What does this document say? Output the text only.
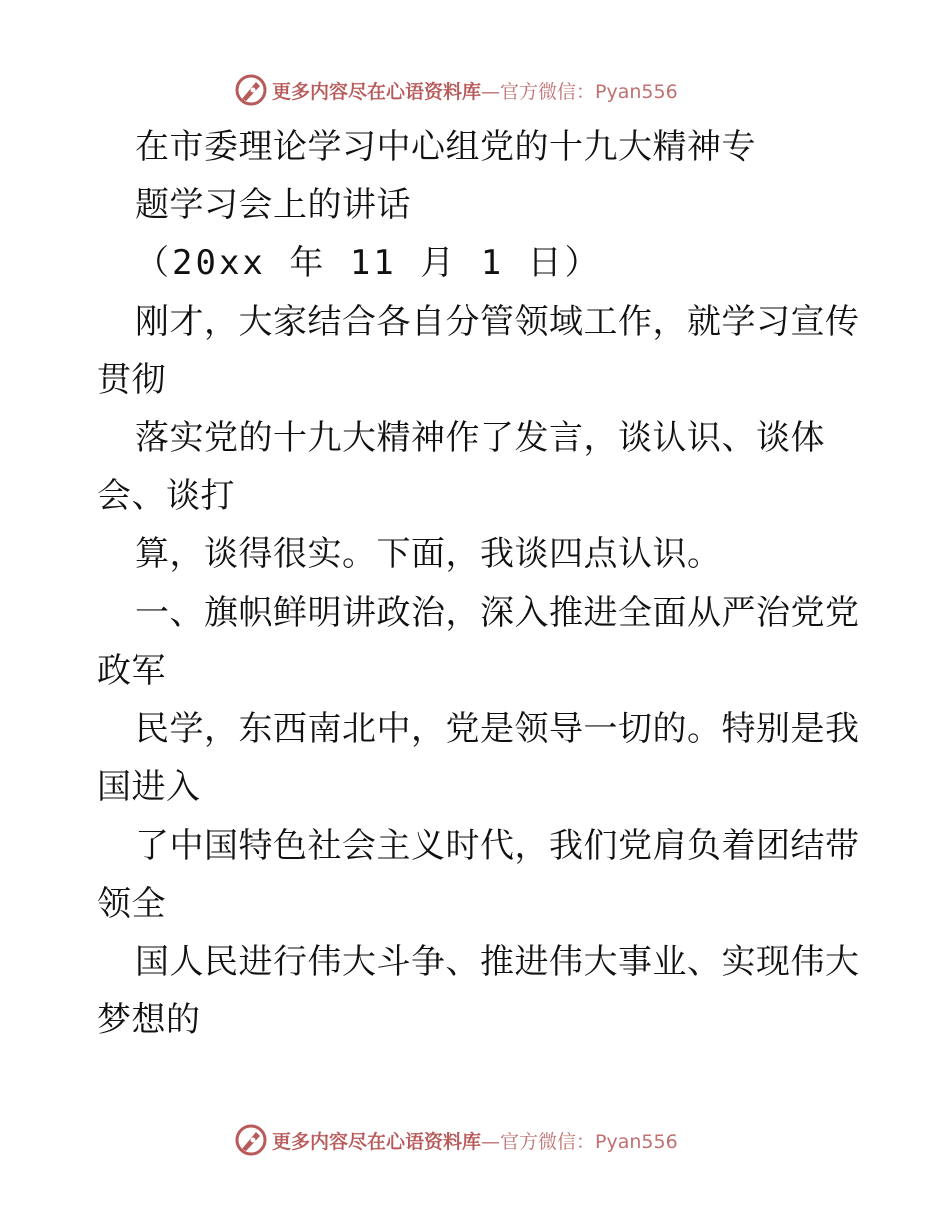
更多内容尽在心语资料库 —官方微信：Pyan556
在市委理论学习中心组党的十九大精神专
题学习会上的讲话
（20xx 年 11 月 1 日）
刚才，大家结合各自分管领域工作，就学习宣传
贯彻
落实党的十九大精神作了发言，谈认识、谈体
会、谈打
算，谈得很实。下面，我谈四点认识。
一、旗帜鲜明讲政治，深入推进全面从严治党党
政军
民学，东西南北中，党是领导一切的。特别是我
国进入
了中国特色社会主义时代，我们党肩负着团结带
领全
国人民进行伟大斗争、推进伟大事业、实现伟大
梦想的
更多内容尽在心语资料库 —官方微信：Pyan556
